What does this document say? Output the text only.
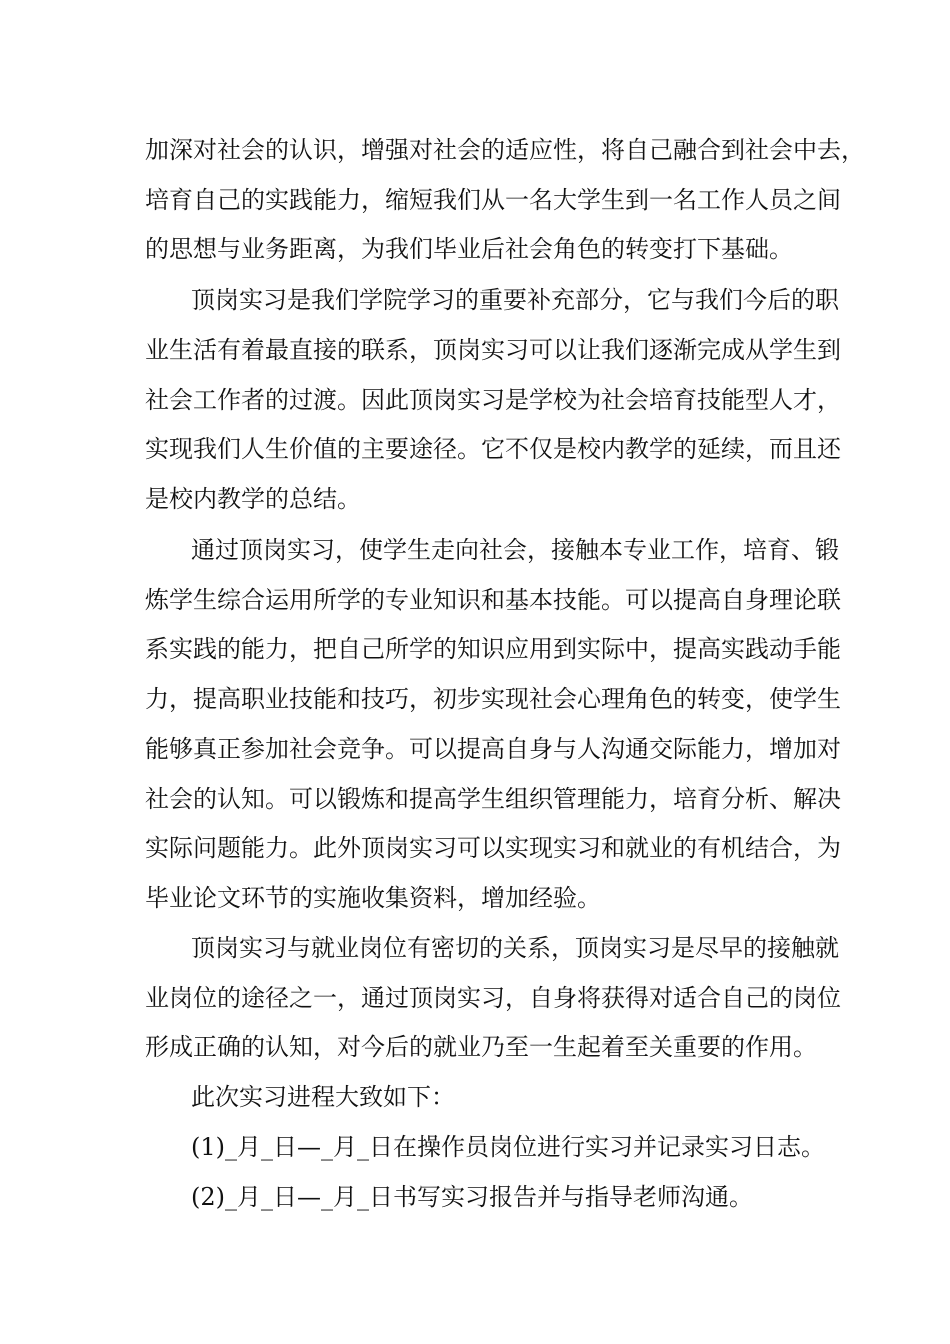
加深对社会的认识，增强对社会的适应性，将自己融合到社会中去，
培育自己的实践能力，缩短我们从一名大学生到一名工作人员之间
的思想与业务距离，为我们毕业后社会角色的转变打下基础。
顶岗实习是我们学院学习的重要补充部分，它与我们今后的职
业生活有着最直接的联系，顶岗实习可以让我们逐渐完成从学生到
社会工作者的过渡。因此顶岗实习是学校为社会培育技能型人才，
实现我们人生价值的主要途径。它不仅是校内教学的延续，而且还
是校内教学的总结。
通过顶岗实习，使学生走向社会，接触本专业工作，培育、锻
炼学生综合运用所学的专业知识和基本技能。可以提高自身理论联
系实践的能力，把自己所学的知识应用到实际中，提高实践动手能
力，提高职业技能和技巧，初步实现社会心理角色的转变，使学生
能够真正参加社会竞争。可以提高自身与人沟通交际能力，增加对
社会的认知。可以锻炼和提高学生组织管理能力，培育分析、解决
实际问题能力。此外顶岗实习可以实现实习和就业的有机结合，为
毕业论文环节的实施收集资料，增加经验。
顶岗实习与就业岗位有密切的关系，顶岗实习是尽早的接触就
业岗位的途径之一，通过顶岗实习，自身将获得对适合自己的岗位
形成正确的认知，对今后的就业乃至一生起着至关重要的作用。
此次实习进程大致如下：
(1)_月_日—_月_日在操作员岗位进行实习并记录实习日志。
(2)_月_日—_月_日书写实习报告并与指导老师沟通。
